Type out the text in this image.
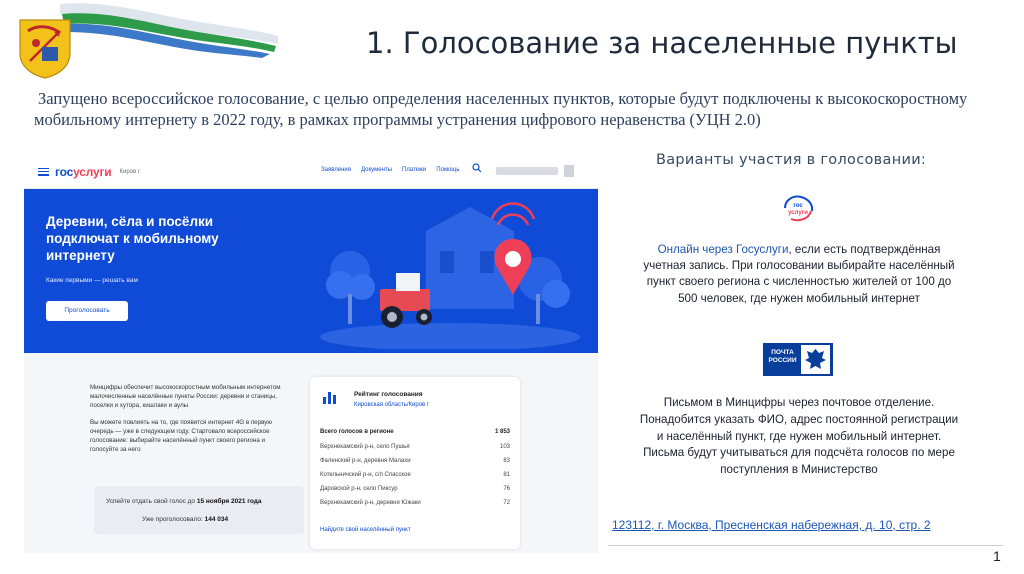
1. Голосование за населенные пункты
Запущено всероссийское голосование, с целью определения населенных пунктов, которые будут подключены к высокоскоростному мобильному интернету в 2022 году, в рамках программы устранения цифрового неравенства (УЦН 2.0)
госуслуги Киров г	Заявления Документы Платежи Помощь
Деревни, сёла и посёлки подключат к мобильному интернету
Какие первыми — решать вам
Проголосовать

Минцифры обеспечит высокоскоростным мобильным интернетом малочисленные населённые пункты России: деревни и станицы, поселки и хутора, кишлаки и аулы

Вы можете повлиять на то, где появится интернет 4G в первую очередь — уже в следующем году. Стартовало всероссийское голосование: выбирайте населённый пункт своего региона и голосуйте за него

Успейте отдать свой голос до 15 ноября 2021 года
Уже проголосовало: 144 034
Рейтинг голосования
Кировская область/Киров г
Всего голосов в регионе	1 853
Верхнекамский р-н, село Пушья	103
Фаленский р-н, деревня Малахи	83
Котельничский р-н, с/п Спасское	81
Даровской р-н, село Пиксур	76
Верхнекамский р-н, деревня Южаки	72
Найдите свой населённый пункт
Варианты участия в голосовании:
гос
услуги
Онлайн через Госуслуги, если есть подтверждённая учетная запись. При голосовании выбирайте населённый пункт своего региона с численностью жителей от 100 до 500 человек, где нужен мобильный интернет
ПОЧТА РОССИИ
Письмом в Минцифры через почтовое отделение. Понадобится указать ФИО, адрес постоянной регистрации и населённый пункт, где нужен мобильный интернет. Письма будут учитываться для подсчёта голосов по мере поступления в Министерство
123112, г. Москва, Пресненская набережная, д. 10, стр. 2
1
